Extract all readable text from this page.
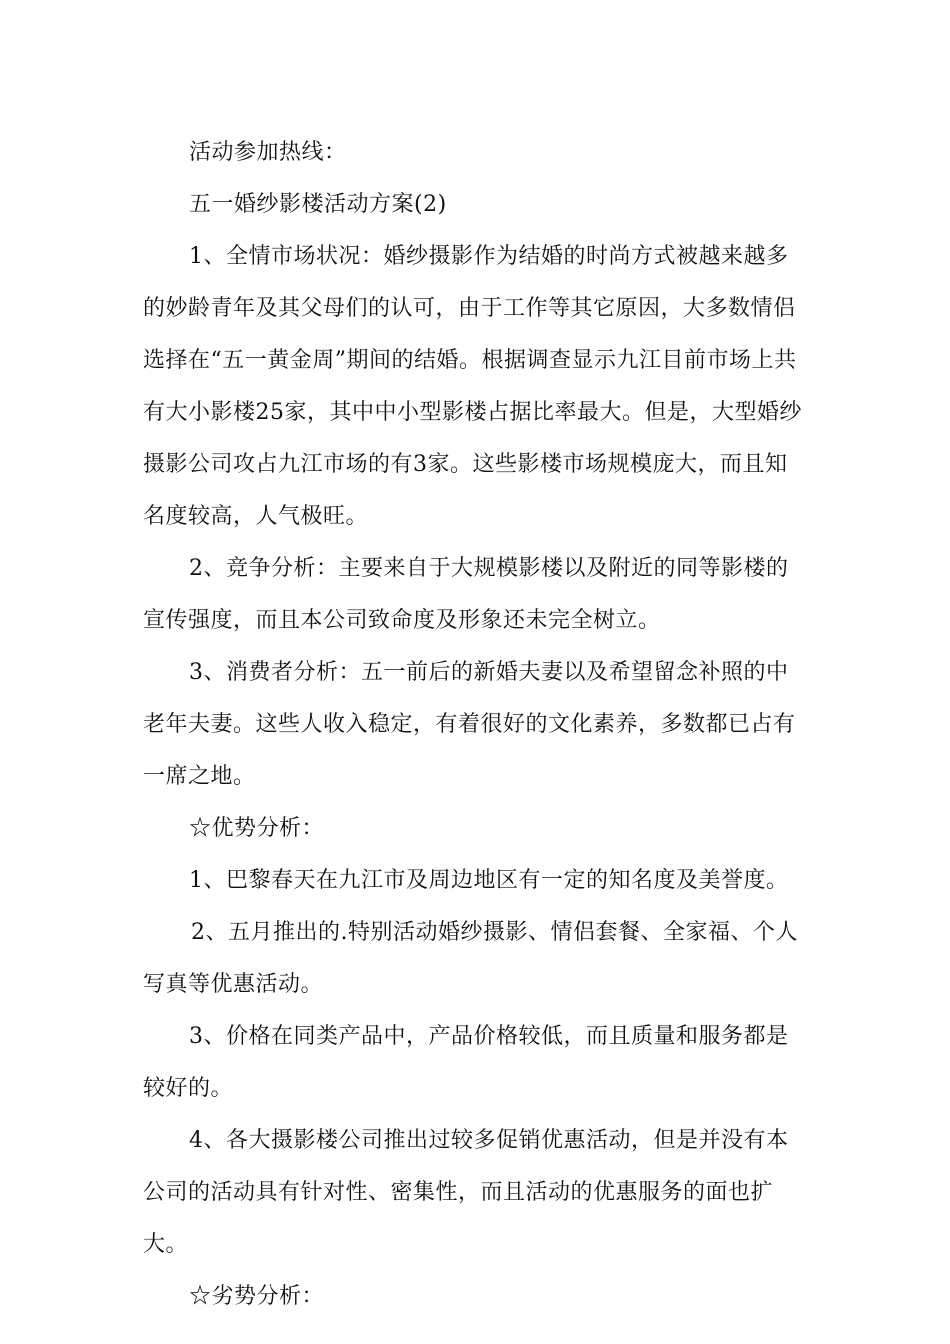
活动参加热线：

五一婚纱影楼活动方案(2)

1、全情市场状况：婚纱摄影作为结婚的时尚方式被越来越多的妙龄青年及其父母们的认可，由于工作等其它原因，大多数情侣选择在“五一黄金周”期间的结婚。根据调查显示九江目前市场上共有大小影楼25家，其中中小型影楼占据比率最大。但是，大型婚纱摄影公司攻占九江市场的有3家。这些影楼市场规模庞大，而且知名度较高，人气极旺。

2、竞争分析：主要来自于大规模影楼以及附近的同等影楼的宣传强度，而且本公司致命度及形象还未完全树立。

3、消费者分析：五一前后的新婚夫妻以及希望留念补照的中老年夫妻。这些人收入稳定，有着很好的文化素养，多数都已占有一席之地。

☆优势分析：

1、巴黎春天在九江市及周边地区有一定的知名度及美誉度。

2、五月推出的.特别活动婚纱摄影、情侣套餐、全家福、个人写真等优惠活动。

3、价格在同类产品中，产品价格较低，而且质量和服务都是较好的。

4、各大摄影楼公司推出过较多促销优惠活动，但是并没有本公司的活动具有针对性、密集性，而且活动的优惠服务的面也扩大。

☆劣势分析：
